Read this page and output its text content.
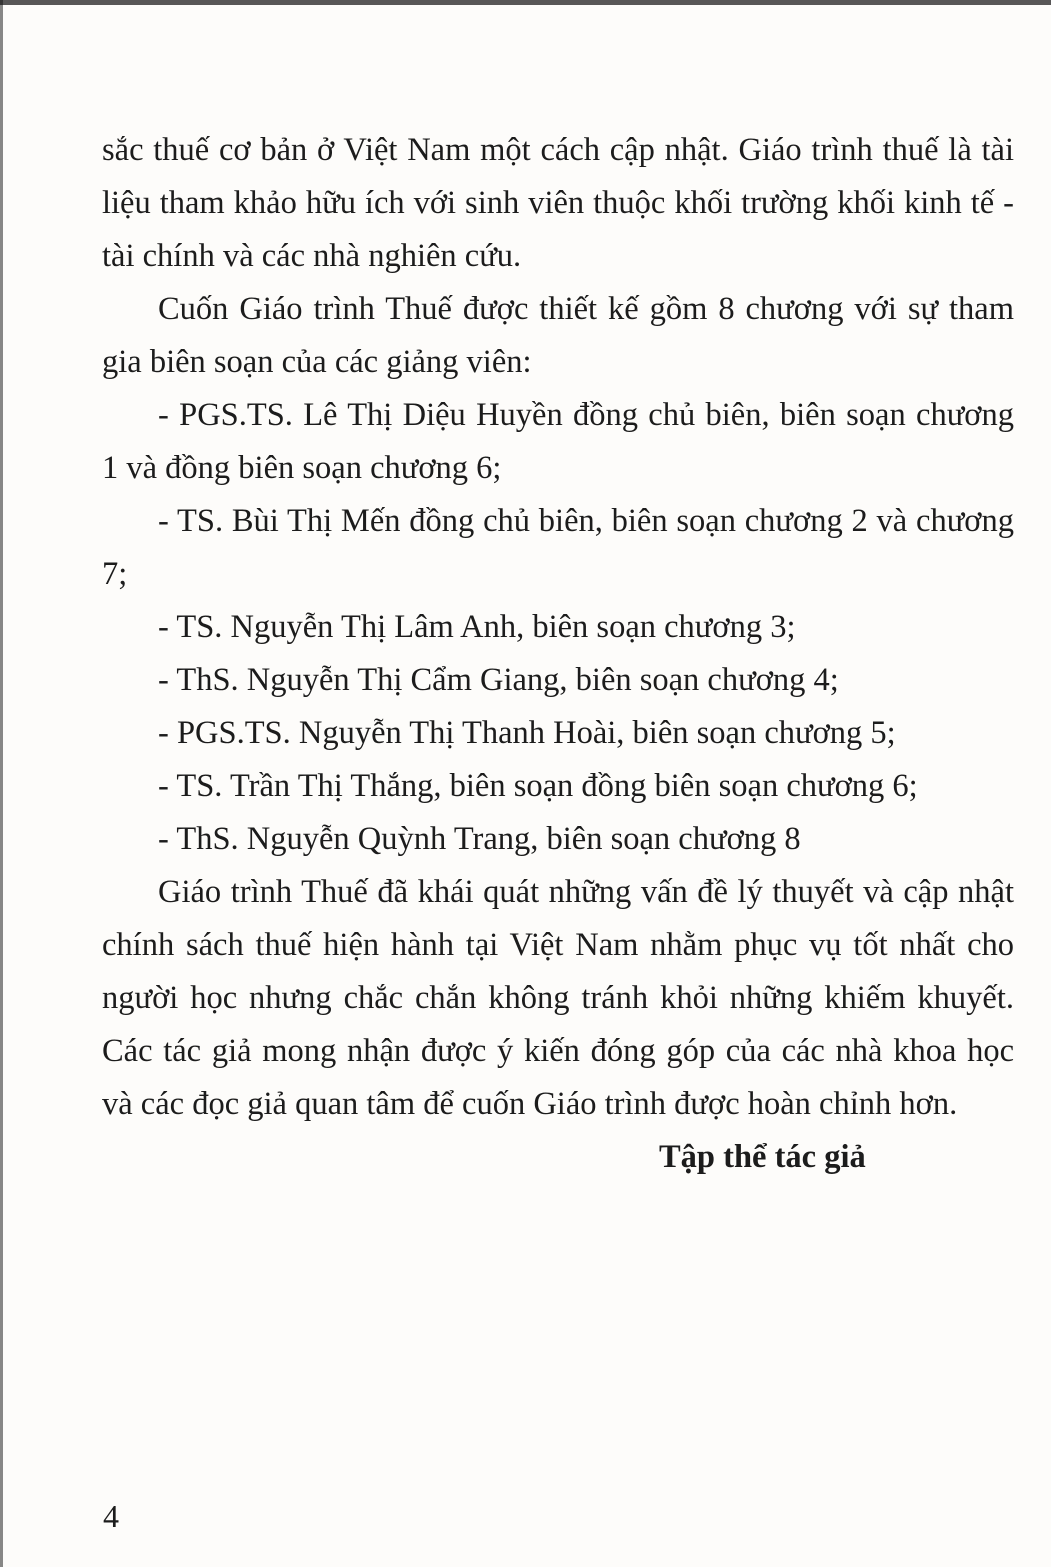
sắc thuế cơ bản ở Việt Nam một cách cập nhật. Giáo trình thuế là tài liệu tham khảo hữu ích với sinh viên thuộc khối trường khối kinh tế - tài chính và các nhà nghiên cứu.

Cuốn Giáo trình Thuế được thiết kế gồm 8 chương với sự tham gia biên soạn của các giảng viên:

- PGS.TS. Lê Thị Diệu Huyền đồng chủ biên, biên soạn chương 1 và đồng biên soạn chương 6;

- TS. Bùi Thị Mến đồng chủ biên, biên soạn chương 2 và chương 7;

- TS. Nguyễn Thị Lâm Anh, biên soạn chương 3;

- ThS. Nguyễn Thị Cẩm Giang, biên soạn chương 4;

- PGS.TS. Nguyễn Thị Thanh Hoài, biên soạn chương 5;

- TS. Trần Thị Thắng, biên soạn đồng biên soạn chương 6;

- ThS. Nguyễn Quỳnh Trang, biên soạn chương 8

Giáo trình Thuế đã khái quát những vấn đề lý thuyết và cập nhật chính sách thuế hiện hành tại Việt Nam nhằm phục vụ tốt nhất cho người học nhưng chắc chắn không tránh khỏi những khiếm khuyết. Các tác giả mong nhận được ý kiến đóng góp của các nhà khoa học và các đọc giả quan tâm để cuốn Giáo trình được hoàn chỉnh hơn.

Tập thể tác giả

4
